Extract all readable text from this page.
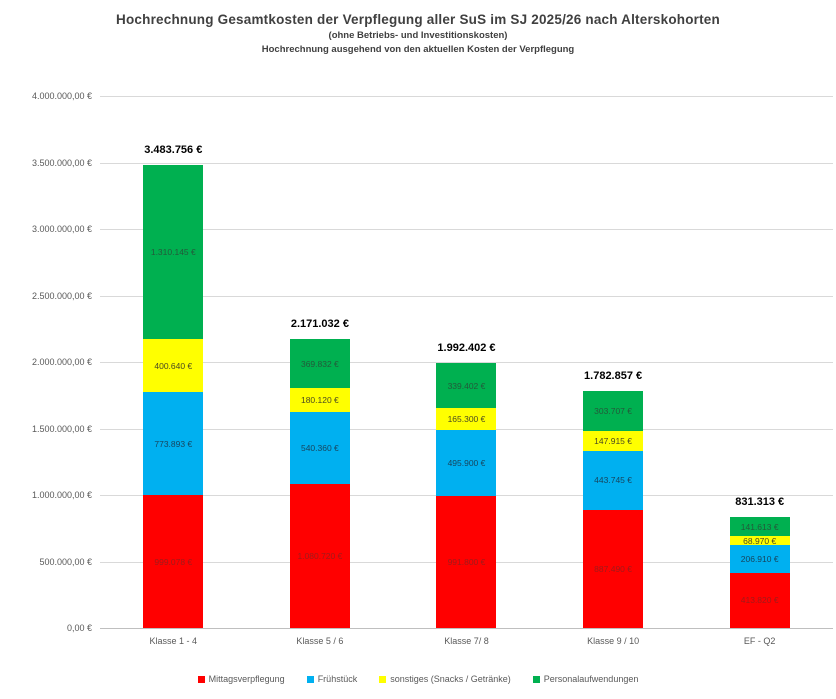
Hochrechnung Gesamtkosten der Verpflegung aller SuS im SJ 2025/26 nach Alterskohorten
(ohne Betriebs- und Investitionskosten)
Hochrechnung ausgehend von den aktuellen Kosten der Verpflegung
0,00 €
500.000,00 €
1.000.000,00 €
1.500.000,00 €
2.000.000,00 €
2.500.000,00 €
3.000.000,00 €
3.500.000,00 €
4.000.000,00 €
999.078 €
773.893 €
400.640 €
1.310.145 €
3.483.756 €
1.080.720 €
540.360 €
180.120 €
369.832 €
2.171.032 €
991.800 €
495.900 €
165.300 €
339.402 €
1.992.402 €
887.490 €
443.745 €
147.915 €
303.707 €
1.782.857 €
413.820 €
206.910 €
68.970 €
141.613 €
831.313 €
Klasse 1 - 4	Klasse 5 / 6	Klasse 7/ 8	Klasse 9 / 10	EF - Q2
Mittagsverpflegung	Frühstück	sonstiges (Snacks / Getränke)	Personalaufwendungen
